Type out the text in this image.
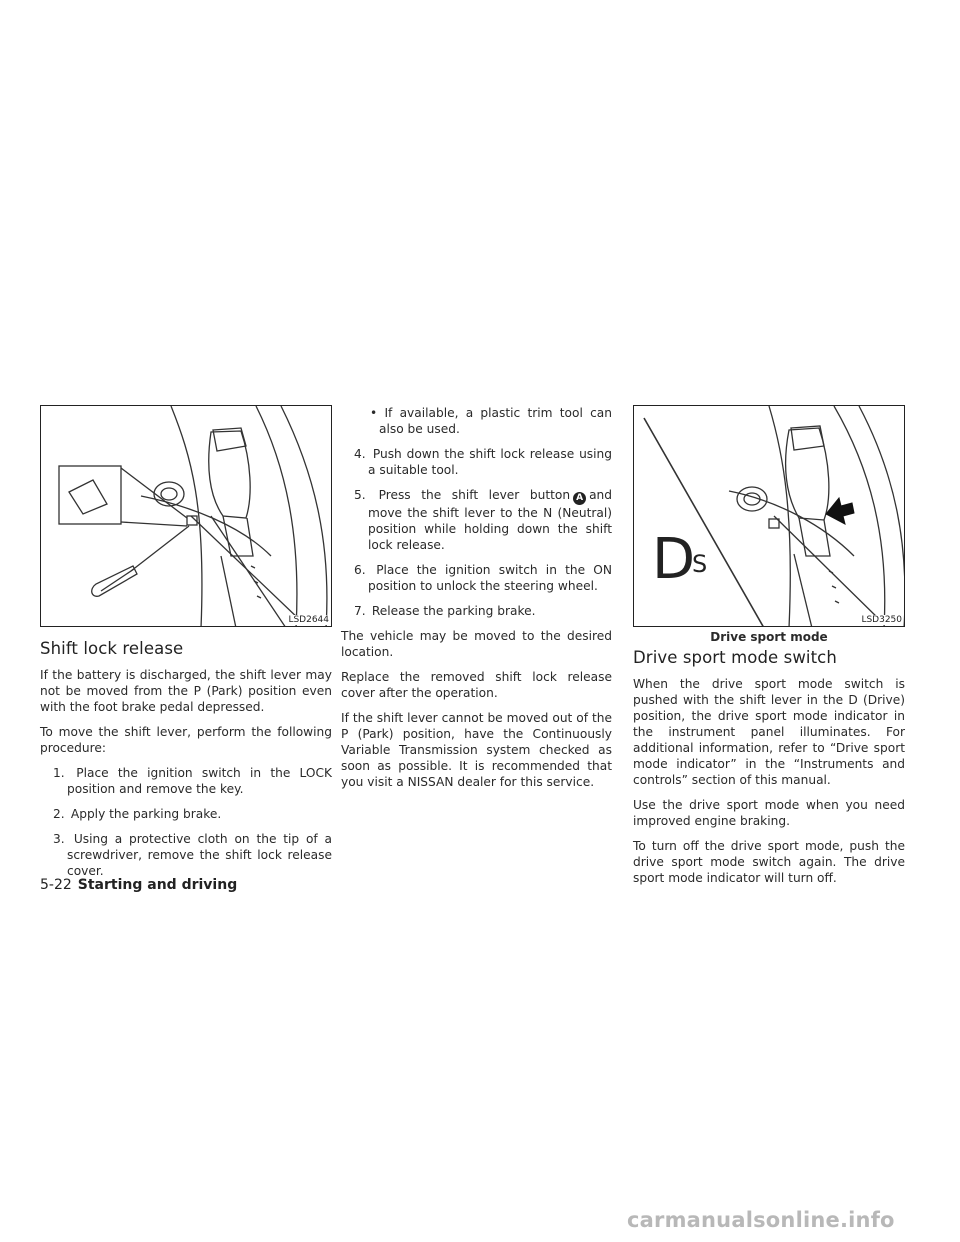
LSD2644
Shift lock release

If the battery is discharged, the shift lever may not be moved from the P (Park) position even with the foot brake pedal depressed.

To move the shift lever, perform the following procedure:

1. Place the ignition switch in the LOCK position and remove the key.
2. Apply the parking brake.
3. Using a protective cloth on the tip of a screwdriver, remove the shift lock release cover.
• If available, a plastic trim tool can also be used.
4. Push down the shift lock release using a suitable tool.
5. Press the shift lever button A and move the shift lever to the N (Neutral) position while holding down the shift lock release.
6. Place the ignition switch in the ON position to unlock the steering wheel.
7. Release the parking brake.

The vehicle may be moved to the desired location.

Replace the removed shift lock release cover after the operation.

If the shift lever cannot be moved out of the P (Park) position, have the Continuously Variable Transmission system checked as soon as possible. It is recommended that you visit a NISSAN dealer for this service.

D
S
LSD3250
Drive sport mode
Drive sport mode switch

When the drive sport mode switch is pushed with the shift lever in the D (Drive) position, the drive sport mode indicator in the instrument panel illuminates. For additional information, refer to “Drive sport mode indicator” in the “Instruments and controls” section of this manual.

Use the drive sport mode when you need improved engine braking.

To turn off the drive sport mode, push the drive sport mode switch again. The drive sport mode indicator will turn off.

5-22 Starting and driving
carmanualsonline.info
